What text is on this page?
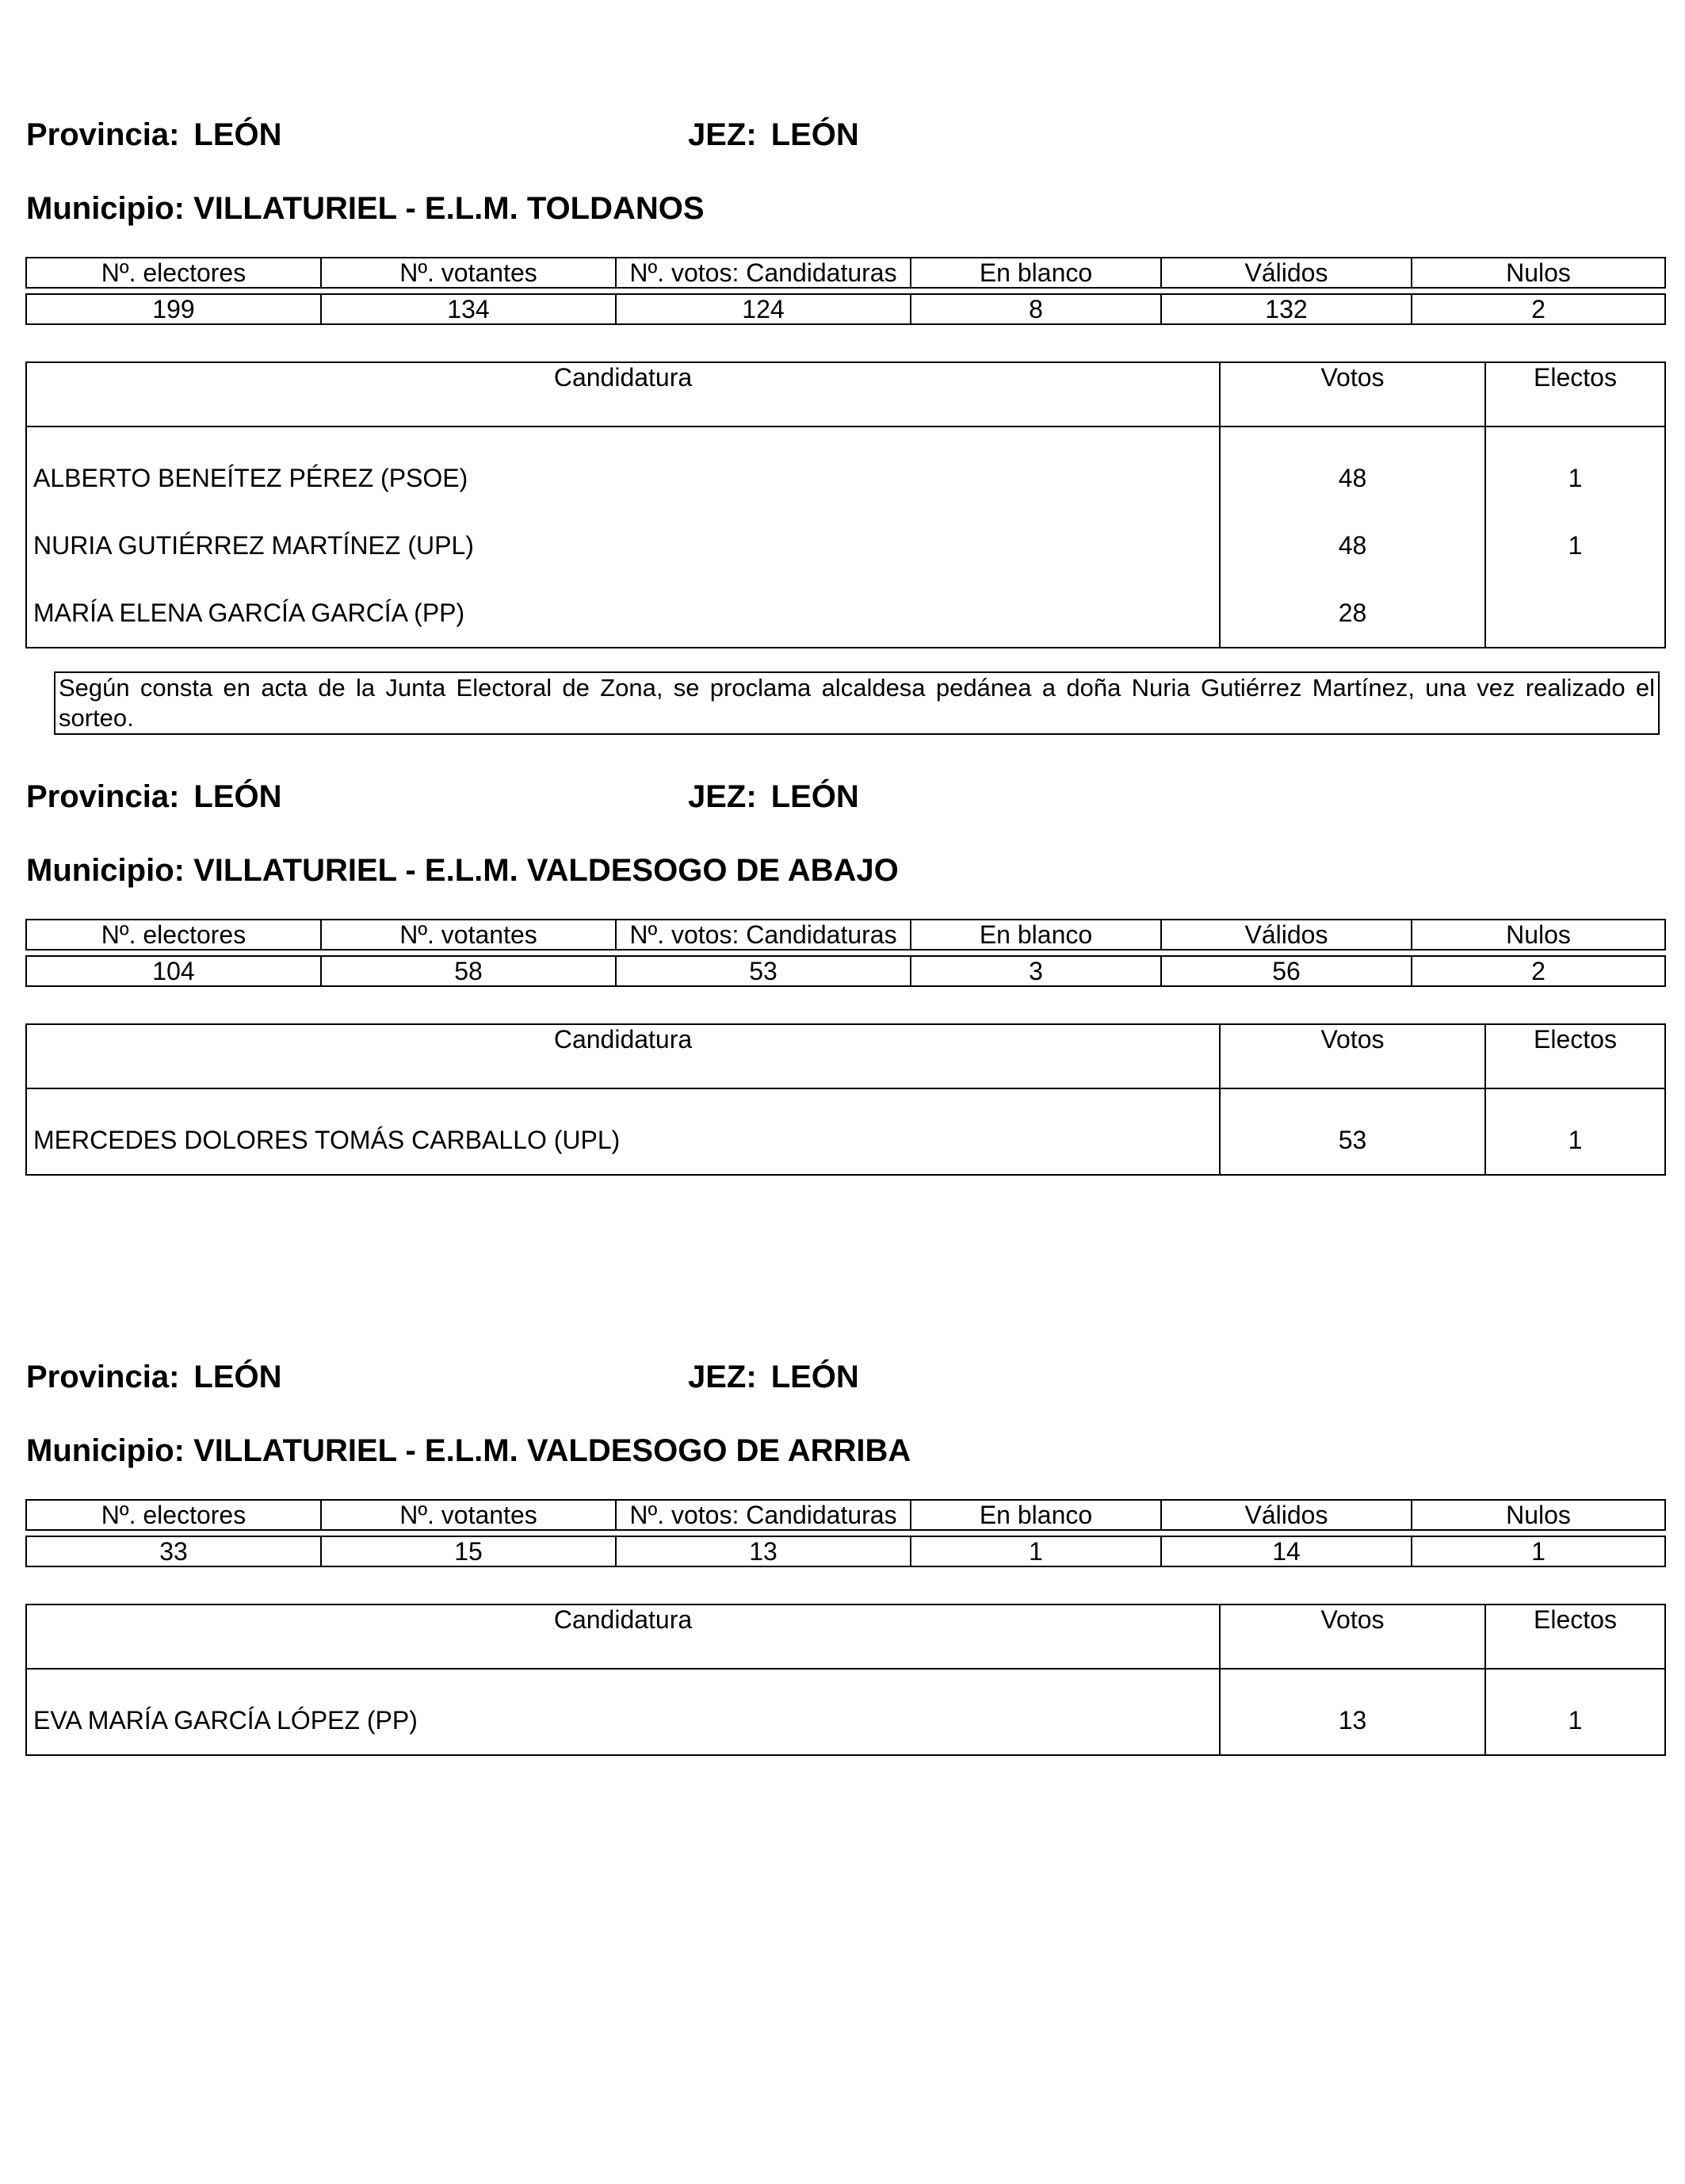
Provincia: LEÓN	JEZ: LEÓN
Municipio: VILLATURIEL - E.L.M. TOLDANOS
Nº. electores	Nº. votantes	Nº. votos: Candidaturas	En blanco	Válidos	Nulos

199	134	124	8	132	2
Candidatura	Votos	Electos
ALBERTO BENEÍTEZ PÉREZ (PSOE)	48	1
NURIA GUTIÉRREZ MARTÍNEZ (UPL)	48	1
MARÍA ELENA GARCÍA GARCÍA (PP)	28	
Según consta en acta de la Junta Electoral de Zona, se proclama alcaldesa pedánea a doña Nuria Gutiérrez Martínez, una vez realizado el sorteo.
Provincia: LEÓN	JEZ: LEÓN
Municipio: VILLATURIEL - E.L.M. VALDESOGO DE ABAJO
Nº. electores	Nº. votantes	Nº. votos: Candidaturas	En blanco	Válidos	Nulos

104	58	53	3	56	2
Candidatura	Votos	Electos
MERCEDES DOLORES TOMÁS CARBALLO (UPL)	53	1
Provincia: LEÓN	JEZ: LEÓN
Municipio: VILLATURIEL - E.L.M. VALDESOGO DE ARRIBA
Nº. electores	Nº. votantes	Nº. votos: Candidaturas	En blanco	Válidos	Nulos

33	15	13	1	14	1
Candidatura	Votos	Electos
EVA MARÍA GARCÍA LÓPEZ (PP)	13	1
